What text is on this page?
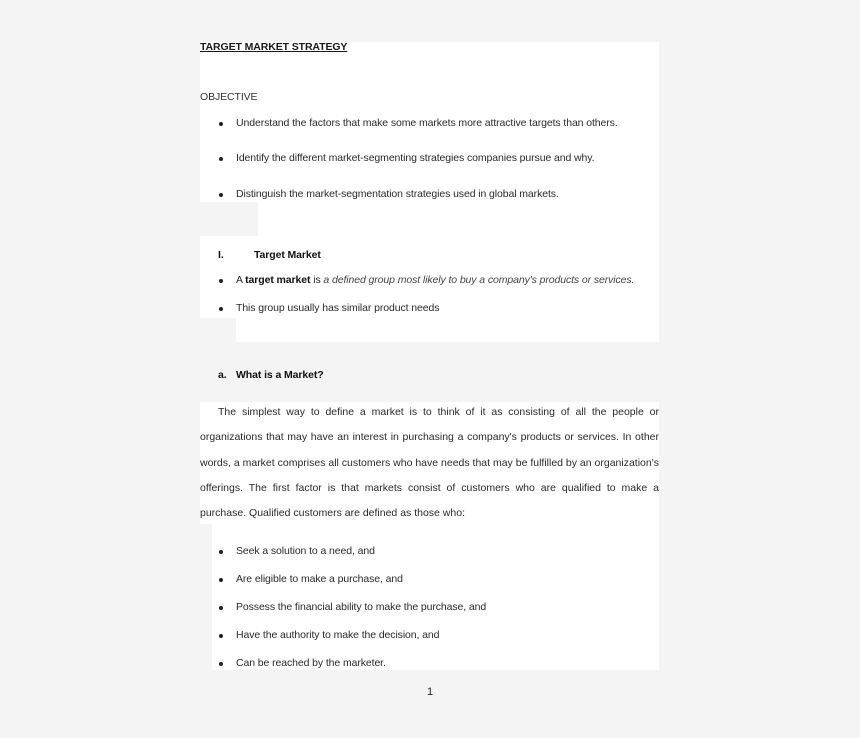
TARGET MARKET STRATEGY
OBJECTIVE
Understand the factors that make some markets more attractive targets than others.
Identify the different market-segmenting strategies companies pursue and why.
Distinguish the market-segmentation strategies used in global markets.
I.	Target Market
A target market is a defined group most likely to buy a company's products or services.
This group usually has similar product needs
a. What is a Market?
The simplest way to define a market is to think of it as consisting of all the people or organizations that may have an interest in purchasing a company's products or services. In other words, a market comprises all customers who have needs that may be fulfilled by an organization's offerings. The first factor is that markets consist of customers who are qualified to make a purchase. Qualified customers are defined as those who:
Seek a solution to a need, and
Are eligible to make a purchase, and
Possess the financial ability to make the purchase, and
Have the authority to make the decision, and
Can be reached by the marketer.
1
